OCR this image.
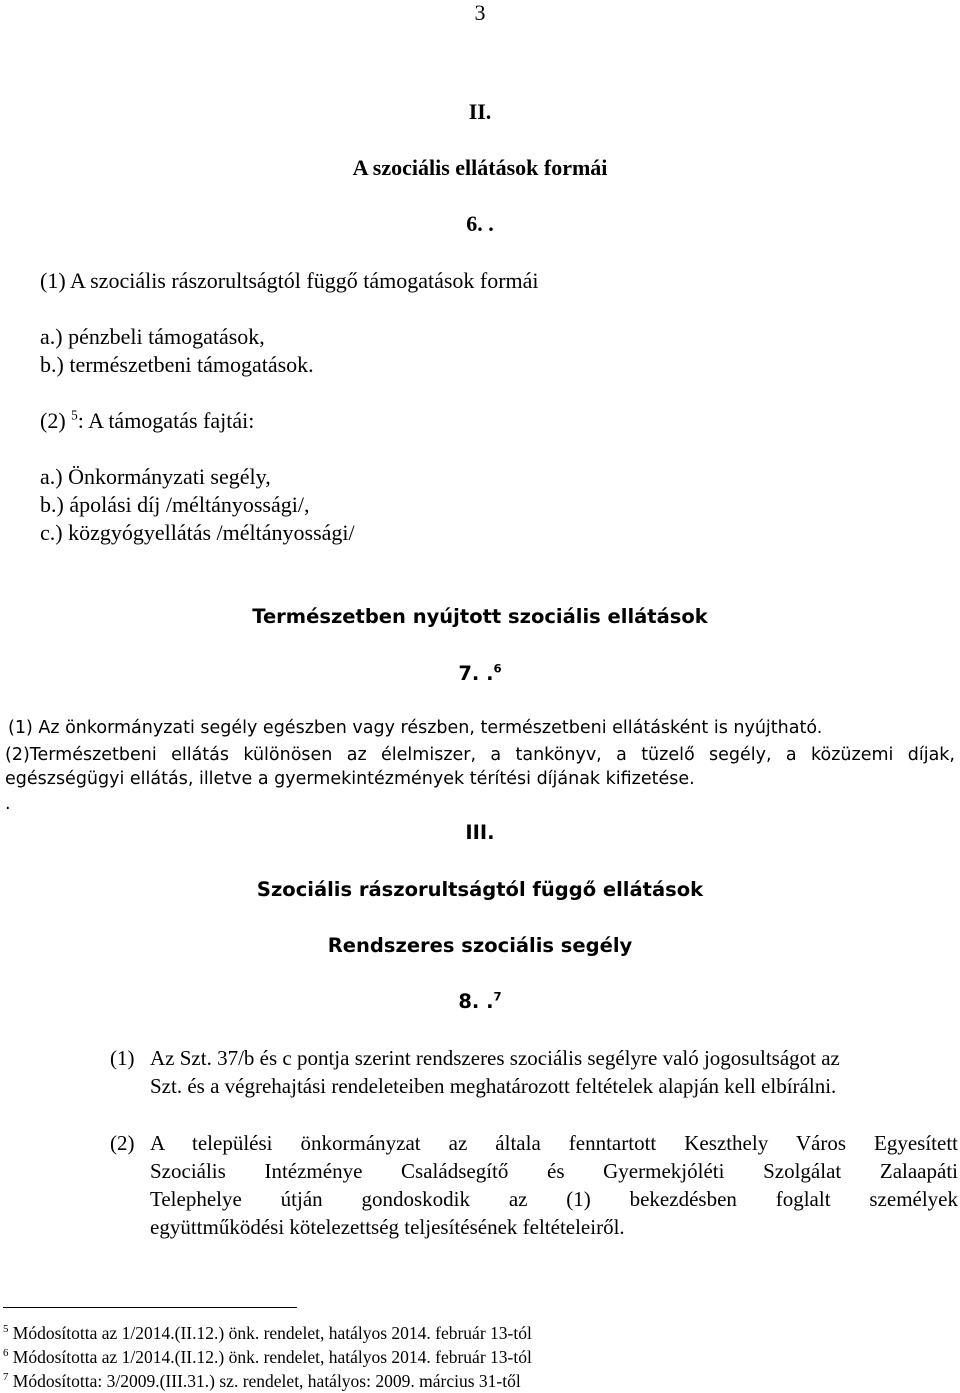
3
II.
A szociális ellátások formái
6. .
(1) A szociális rászorultságtól függő támogatások formái
a.) pénzbeli támogatások,
b.) természetbeni támogatások.
(2) $^5$: A támogatás fajtái:
a.) Önkormányzati segély,
b.) ápolási díj /méltányossági/,
c.) közgyógyellátás /méltányossági/
Természetben nyújtott szociális ellátások
7. .$^6$
(1) Az önkormányzati segély egészben vagy részben, természetbeni ellátásként is nyújtható.
(2)Természetbeni ellátás különösen az élelmiszer, a tankönyv, a tüzelő segély, a közüzemi díjak,
egészségügyi ellátás, illetve a gyermekintézmények térítési díjának kifizetése.
.
III.
Szociális rászorultságtól függő ellátások
Rendszeres szociális segély
8. .$^7$
(1) Az Szt. 37/b és c pontja szerint rendszeres szociális segélyre való jogosultságot az
Szt. és a végrehajtási rendeleteiben meghatározott feltételek alapján kell elbírálni.
(2) A települési önkormányzat az általa fenntartott Keszthely Város Egyesített
Szociális Intézménye Családsegítő és Gyermekjóléti Szolgálat Zalaapáti
Telephelye útján gondoskodik az (1) bekezdésben foglalt személyek
együttműködési kötelezettség teljesítésének feltételeiről.
$^5$ Módosította az 1/2014.(II.12.) önk. rendelet, hatályos 2014. február 13-tól
$^6$ Módosította az 1/2014.(II.12.) önk. rendelet, hatályos 2014. február 13-tól
$^7$ Módosította: 3/2009.(III.31.) sz. rendelet, hatályos: 2009. március 31-től
